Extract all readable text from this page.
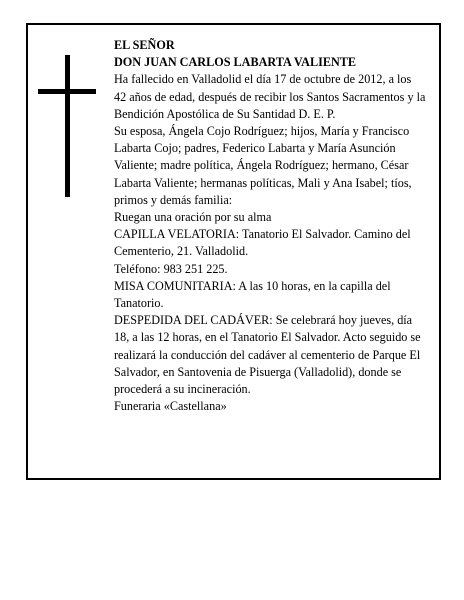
EL SEÑOR

DON JUAN CARLOS LABARTA VALIENTE

Ha fallecido en Valladolid el día 17 de octubre de 2012, a los 42 años de edad, después de recibir los Santos Sacramentos y la Bendición Apostólica de Su Santidad D. E. P.

Su esposa, Ángela Cojo Rodríguez; hijos, María y Francisco Labarta Cojo; padres, Federico Labarta y María Asunción Valiente; madre política, Ángela Rodríguez; hermano, César Labarta Valiente; hermanas políticas, Mali y Ana Isabel; tíos, primos y demás familia:

Ruegan una oración por su alma

CAPILLA VELATORIA: Tanatorio El Salvador. Camino del Cementerio, 21. Valladolid.

Teléfono: 983 251 225.

MISA COMUNITARIA: A las 10 horas, en la capilla del Tanatorio.

DESPEDIDA DEL CADÁVER: Se celebrará hoy jueves, día 18, a las 12 horas, en el Tanatorio El Salvador. Acto seguido se realizará la conducción del cadáver al cementerio de Parque El Salvador, en Santovenia de Pisuerga (Valladolid), donde se procederá a su incineración.

Funeraria «Castellana»
